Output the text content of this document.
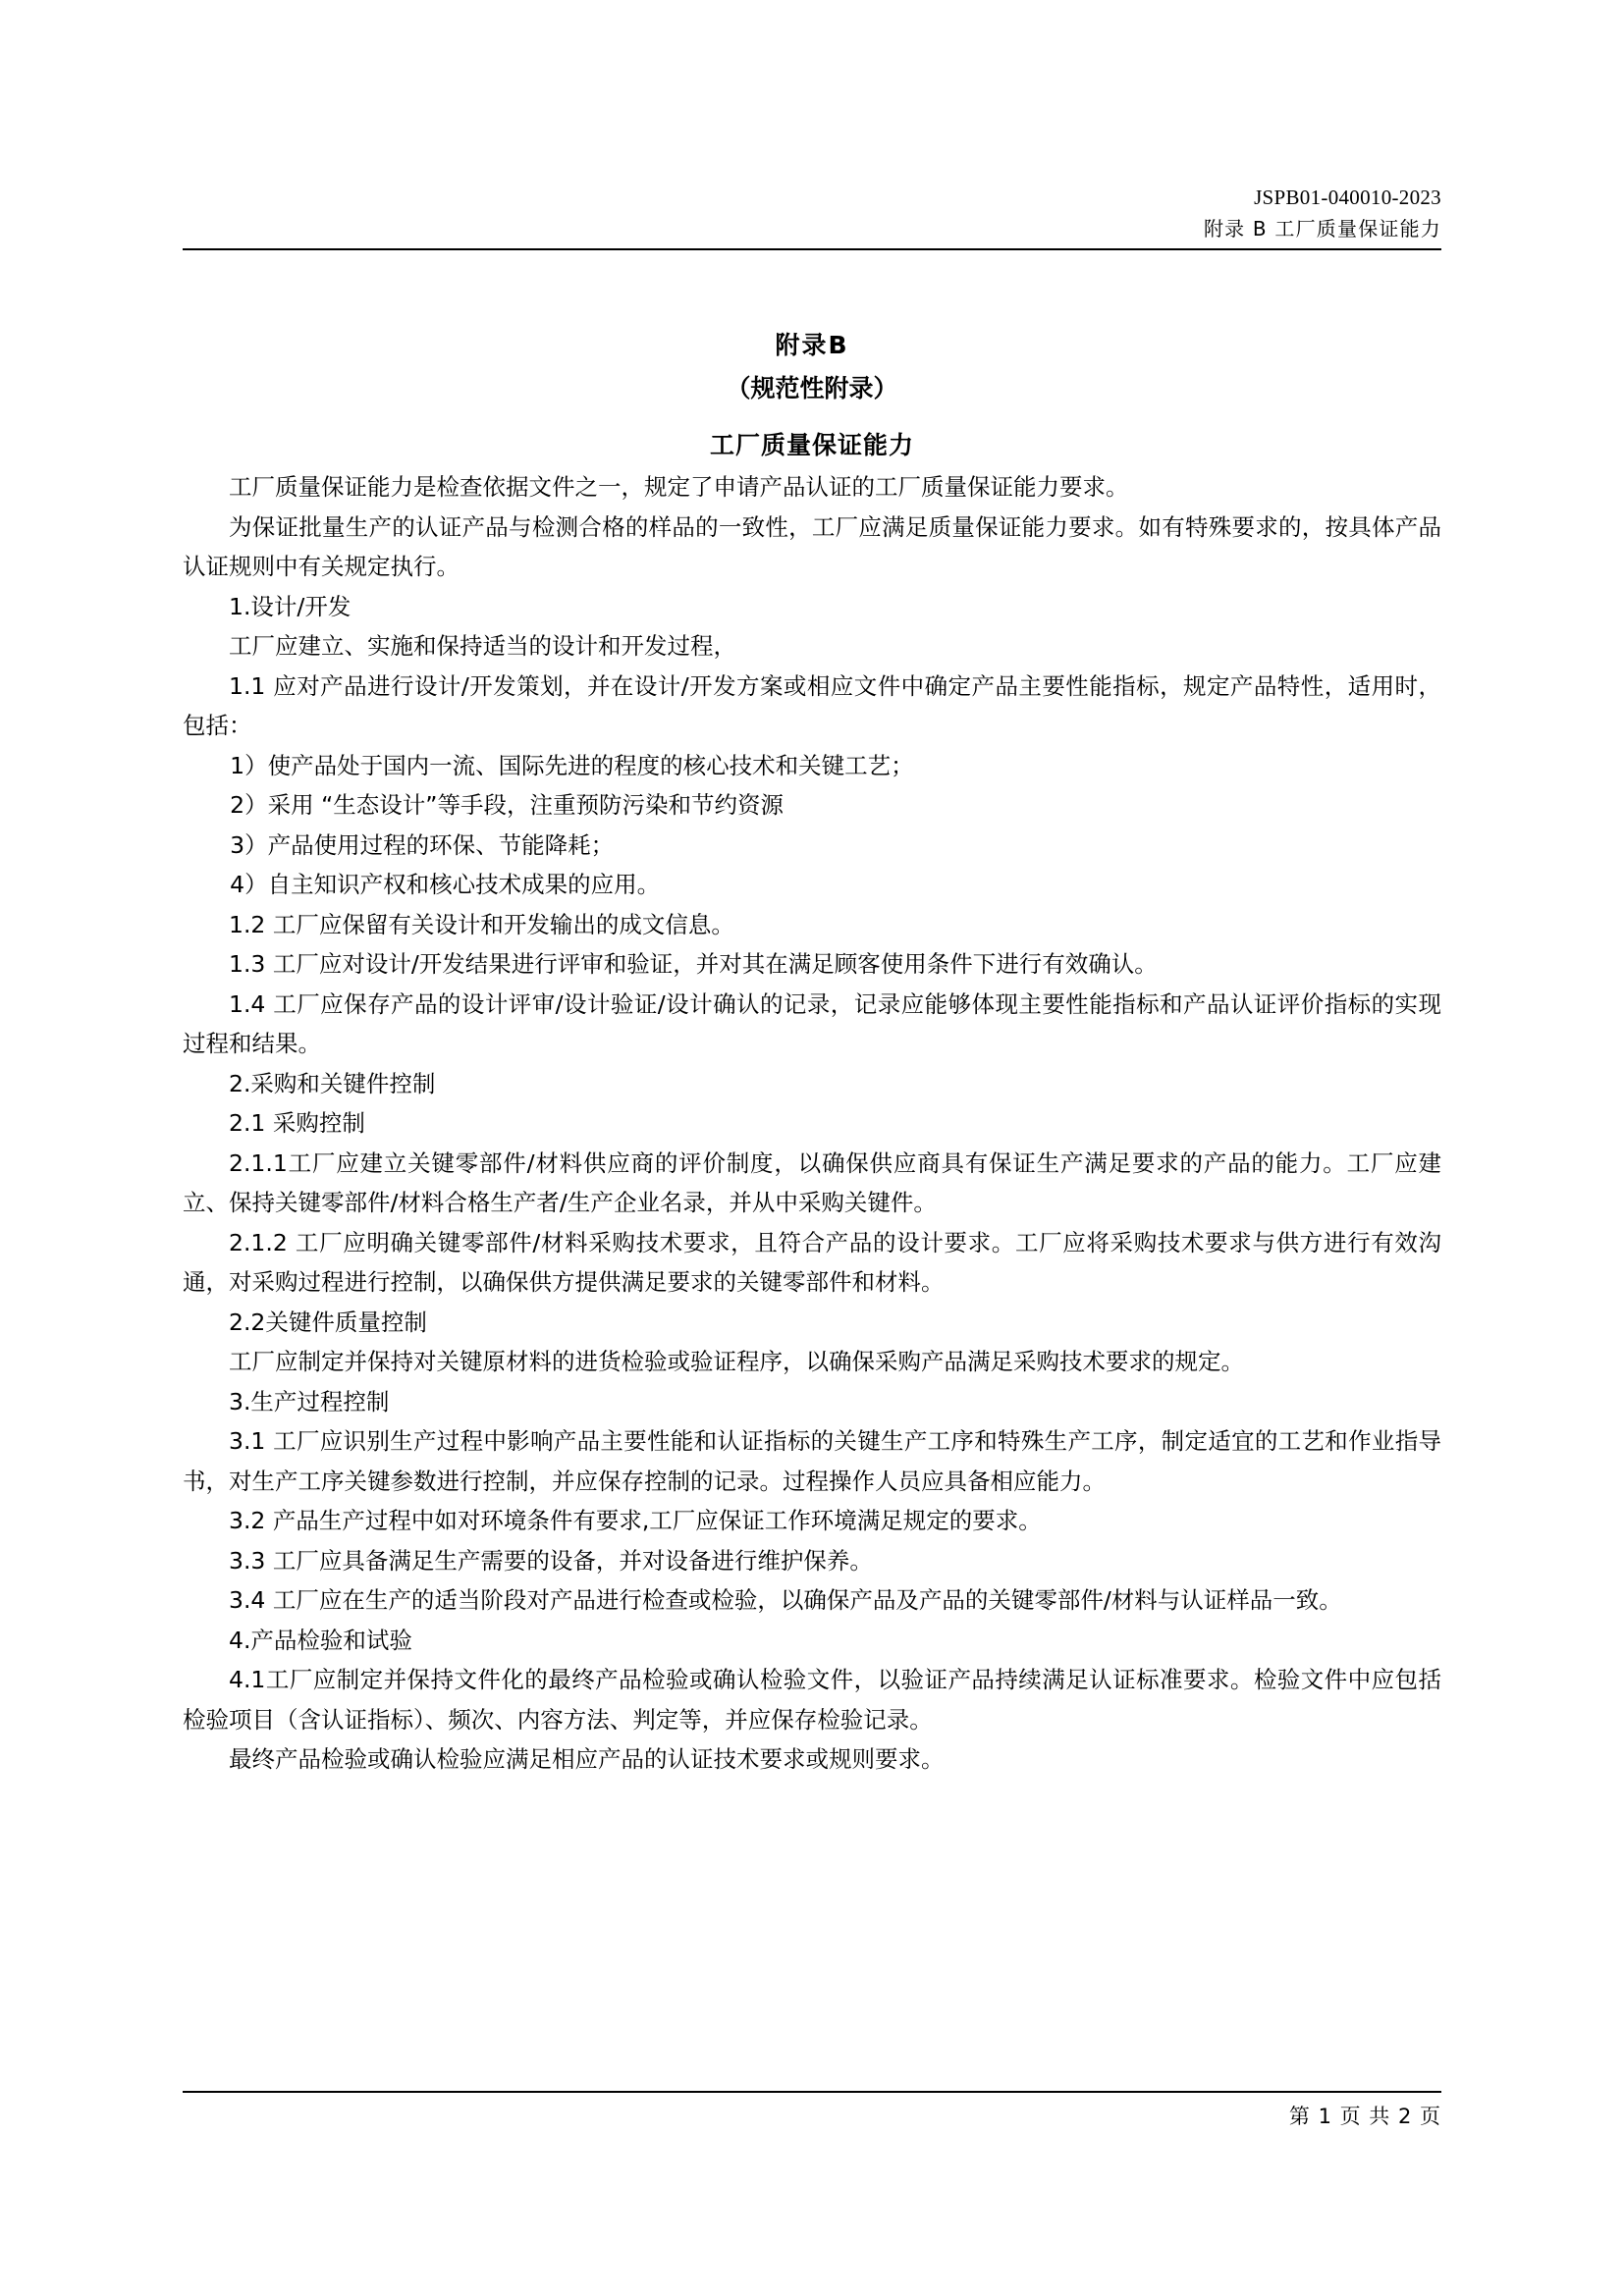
JSPB01-040010-2023
附录 B 工厂质量保证能力
附录B
（规范性附录）
工厂质量保证能力

工厂质量保证能力是检查依据文件之一，规定了申请产品认证的工厂质量保证能力要求。

为保证批量生产的认证产品与检测合格的样品的一致性，工厂应满足质量保证能力要求。如有特殊要求的，按具体产品认证规则中有关规定执行。

1.设计/开发

工厂应建立、实施和保持适当的设计和开发过程，

1.1 应对产品进行设计/开发策划，并在设计/开发方案或相应文件中确定产品主要性能指标，规定产品特性，适用时，包括：

1）使产品处于国内一流、国际先进的程度的核心技术和关键工艺；

2）采用 “生态设计”等手段，注重预防污染和节约资源

3）产品使用过程的环保、节能降耗；

4）自主知识产权和核心技术成果的应用。

1.2 工厂应保留有关设计和开发输出的成文信息。

1.3 工厂应对设计/开发结果进行评审和验证，并对其在满足顾客使用条件下进行有效确认。

1.4 工厂应保存产品的设计评审/设计验证/设计确认的记录，记录应能够体现主要性能指标和产品认证评价指标的实现过程和结果。

2.采购和关键件控制

2.1 采购控制

2.1.1工厂应建立关键零部件/材料供应商的评价制度，以确保供应商具有保证生产满足要求的产品的能力。工厂应建立、保持关键零部件/材料合格生产者/生产企业名录，并从中采购关键件。

2.1.2 工厂应明确关键零部件/材料采购技术要求，且符合产品的设计要求。工厂应将采购技术要求与供方进行有效沟通，对采购过程进行控制，以确保供方提供满足要求的关键零部件和材料。

2.2关键件质量控制

工厂应制定并保持对关键原材料的进货检验或验证程序，以确保采购产品满足采购技术要求的规定。

3.生产过程控制

3.1 工厂应识别生产过程中影响产品主要性能和认证指标的关键生产工序和特殊生产工序，制定适宜的工艺和作业指导书，对生产工序关键参数进行控制，并应保存控制的记录。过程操作人员应具备相应能力。

3.2 产品生产过程中如对环境条件有要求,工厂应保证工作环境满足规定的要求。

3.3 工厂应具备满足生产需要的设备，并对设备进行维护保养。

3.4 工厂应在生产的适当阶段对产品进行检查或检验，以确保产品及产品的关键零部件/材料与认证样品一致。

4.产品检验和试验

4.1工厂应制定并保持文件化的最终产品检验或确认检验文件，以验证产品持续满足认证标准要求。检验文件中应包括检验项目（含认证指标）、频次、内容方法、判定等，并应保存检验记录。

最终产品检验或确认检验应满足相应产品的认证技术要求或规则要求。

第 1 页 共 2 页
